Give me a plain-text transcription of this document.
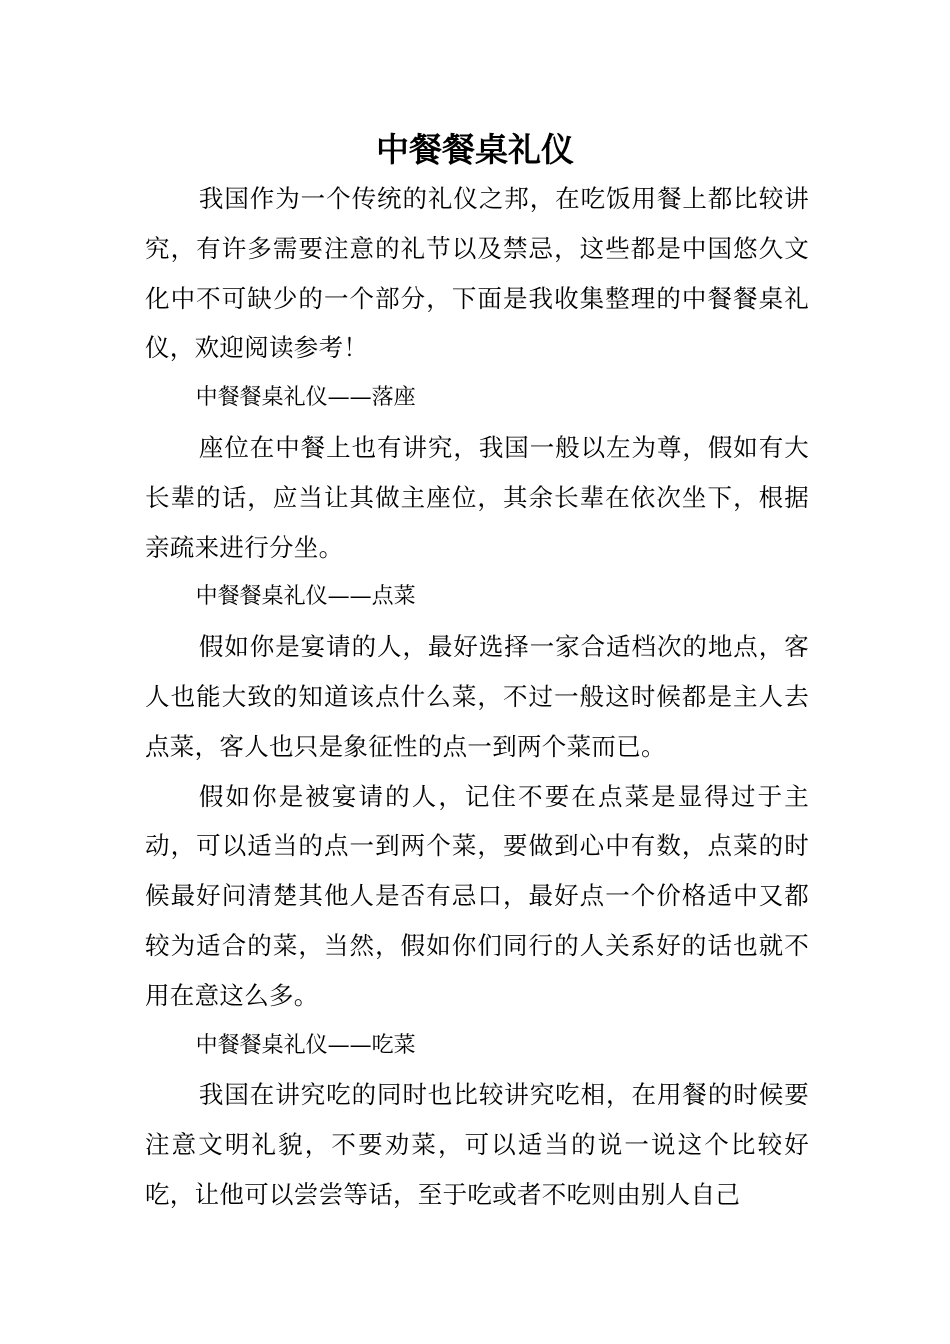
中餐餐桌礼仪

我国作为一个传统的礼仪之邦，在吃饭用餐上都比较讲究，有许多需要注意的礼节以及禁忌，这些都是中国悠久文化中不可缺少的一个部分，下面是我收集整理的中餐餐桌礼仪，欢迎阅读参考！

中餐餐桌礼仪——落座

座位在中餐上也有讲究，我国一般以左为尊，假如有大长辈的话，应当让其做主座位，其余长辈在依次坐下，根据亲疏来进行分坐。

中餐餐桌礼仪——点菜

假如你是宴请的人，最好选择一家合适档次的地点，客人也能大致的知道该点什么菜，不过一般这时候都是主人去点菜，客人也只是象征性的点一到两个菜而已。

假如你是被宴请的人，记住不要在点菜是显得过于主动，可以适当的点一到两个菜，要做到心中有数，点菜的时候最好问清楚其他人是否有忌口，最好点一个价格适中又都较为适合的菜，当然，假如你们同行的人关系好的话也就不用在意这么多。

中餐餐桌礼仪——吃菜

我国在讲究吃的同时也比较讲究吃相，在用餐的时候要注意文明礼貌，不要劝菜，可以适当的说一说这个比较好吃，让他可以尝尝等话，至于吃或者不吃则由别人自己
